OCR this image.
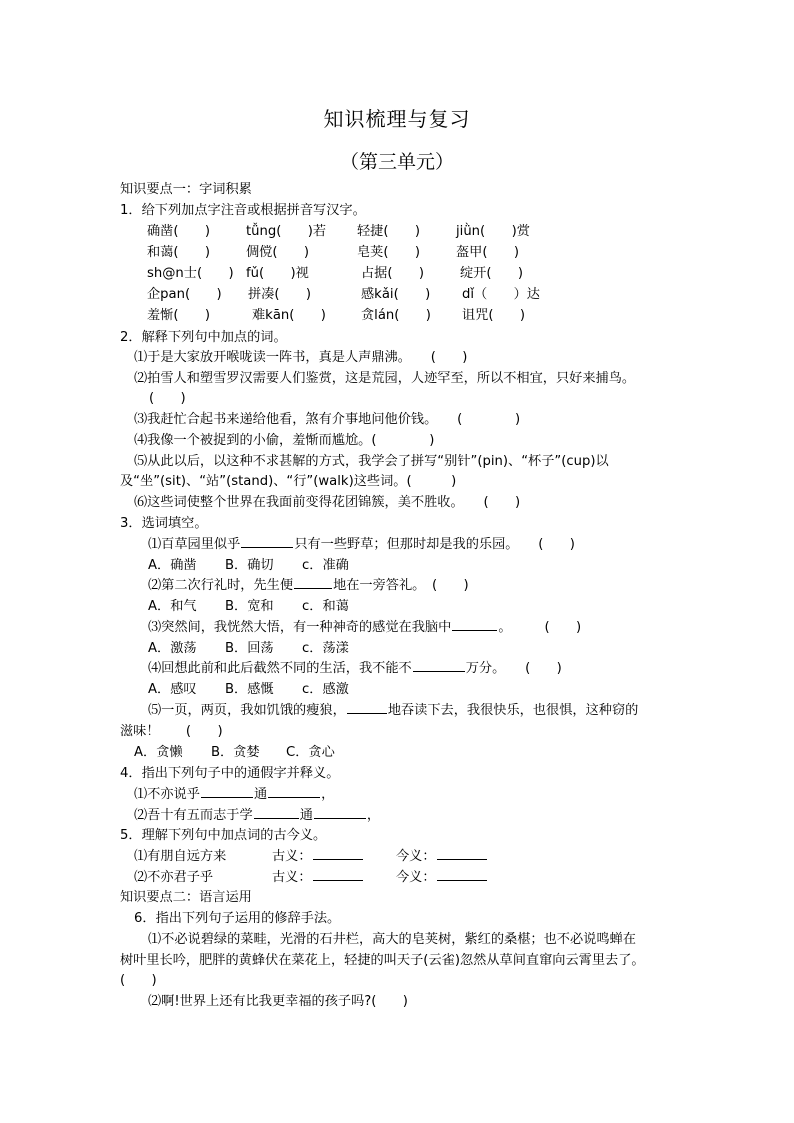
知识梳理与复习
（第三单元）
知识要点一：字词积累
1．给下列加点字注音或根据拼音写汉字。
确凿(　　)	tǚng(　　)若 轻捷(　　)	jiǜn(　　)赏
和蔼(　　)	倜傥(　　)	皂荚(　　)	盔甲(　　)
sh@n士(　　) fǔ(　　)视	占据(　　)	绽开(　　)
企pan(　　) 拼凑(　　)	感kǎi(　　) dǐ（　　）达
羞惭(　　)	难kān(　　)	贪lán(　　) 诅咒(　　)
2．解释下列句中加点的词。
⑴于是大家放开喉咙读一阵书，真是人声鼎沸。　　(　　)
⑵拍雪人和塑雪罗汉需要人们鉴赏，这是荒园，人迹罕至，所以不相宜，只好来捕鸟。
(　　)
⑶我赶忙合起书来递给他看，煞有介事地问他价钱。　　(　　　　)
⑷我像一个被捉到的小偷，羞惭而尴尬。(　　　　)
⑸从此以后，以这种不求甚解的方式，我学会了拼写“别针”(pin)、“杯子”(cup)以
及“坐”(sit)、“站”(stand)、“行”(walk)这些词。(　　　)
⑹这些词使整个世界在我面前变得花团锦簇，美不胜收。　　(　　)
3．选词填空。
⑴百草园里似乎	只有一些野草；但那时却是我的乐园。　　(　　)
A．确凿 B．确切 c．准确
⑵第二次行礼时，先生便	地在一旁答礼。　(　　)
A．和气 B．宽和 c．和蔼
⑶突然间，我恍然大悟，有一种神奇的感觉在我脑中	。　　　(　　)
A．激荡 B．回荡 c．荡漾
⑷回想此前和此后截然不同的生活，我不能不	万分。　　(　　)
A．感叹 B．感慨 c．感激
⑸一页，两页，我如饥饿的瘦狼，	地吞读下去，我很快乐，也很惧，这种窃的
滋味！　　(　　)
A．贪懒 B．贪婪 C．贪心
4．指出下列句子中的通假字并释义。
⑴不亦说乎	通	，
⑵吾十有五而志于学	通	，
5．理解下列句中加点词的古今义。
⑴有朋自远方来	古义：	今义：
⑵不亦君子乎	古义：	今义：
知识要点二：语言运用
6．指出下列句子运用的修辞手法。
⑴不必说碧绿的菜畦，光滑的石井栏，高大的皂荚树，紫红的桑椹；也不必说鸣蝉在
树叶里长吟，肥胖的黄蜂伏在菜花上，轻捷的叫天子(云雀)忽然从草间直窜向云霄里去了。
(　　)
⑵啊!世界上还有比我更幸福的孩子吗?(　　)
